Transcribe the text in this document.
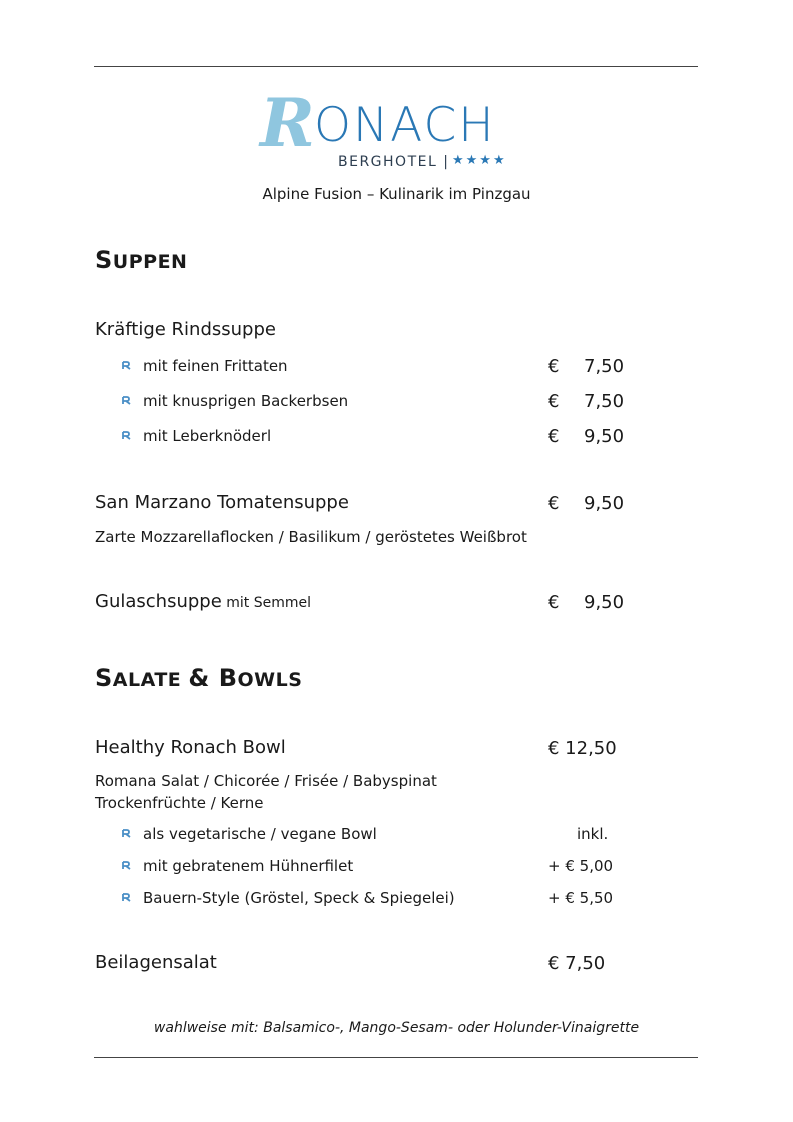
R ONACH
BERGHOTEL | ★★★★
Alpine Fusion – Kulinarik im Pinzgau
SUPPEN
Kräftige Rindssuppe
mit feinen Frittaten	€ 7,50
mit knusprigen Backerbsen	€ 7,50
mit Leberknöderl	€ 9,50
San Marzano Tomatensuppe	€ 9,50
Zarte Mozzarellaflocken / Basilikum / geröstetes Weißbrot
Gulaschsuppe mit Semmel	€ 9,50
SALATE & BOWLS
Healthy Ronach Bowl	€ 12,50
Romana Salat / Chicorée / Frisée / Babyspinat
Trockenfrüchte / Kerne
als vegetarische / vegane Bowl	inkl.
mit gebratenem Hühnerfilet	+ € 5,00
Bauern-Style (Gröstel, Speck & Spiegelei)	+ € 5,50
Beilagensalat	€ 7,50
wahlweise mit: Balsamico-, Mango-Sesam- oder Holunder-Vinaigrette
